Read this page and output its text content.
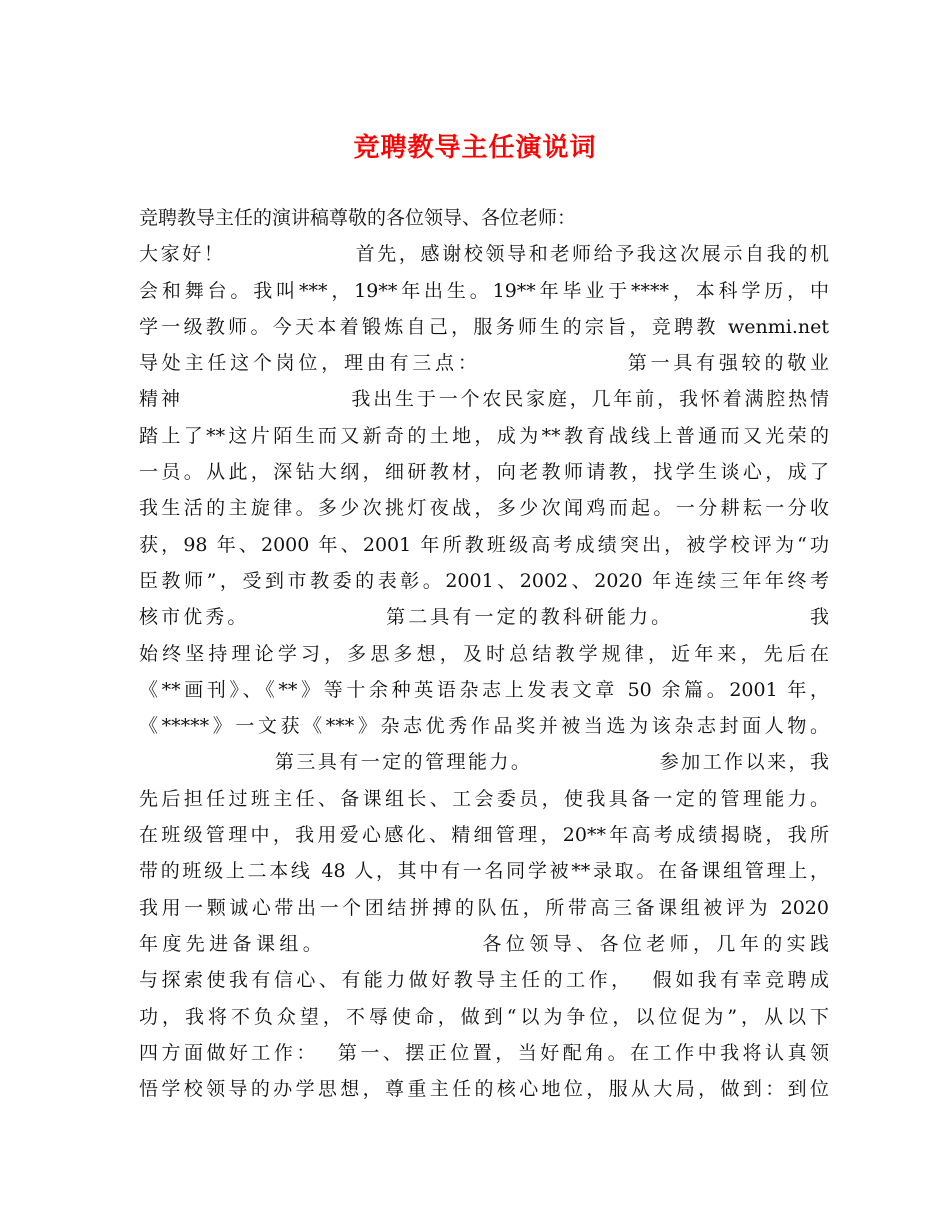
竞聘教导主任演说词
竞聘教导主任的演讲稿尊敬的各位领导、各位老师：
大家好！               首先，感谢校领导和老师给予我这次展示自我的机
会和舞台。我叫***，19**年出生。19**年毕业于****，本科学历，中
学一级教师。今天本着锻炼自己，服务师生的宗旨，竞聘教 wenmi.net
导处主任这个岗位，理由有三点：               第一具有强较的敬业
精神                   我出生于一个农民家庭，几年前，我怀着满腔热情
踏上了**这片陌生而又新奇的土地，成为**教育战线上普通而又光荣的
一员。从此，深钻大纲，细研教材，向老教师请教，找学生谈心，成了
我生活的主旋律。多少次挑灯夜战，多少次闻鸡而起。一分耕耘一分收
获，98 年、2000 年、2001 年所教班级高考成绩突出，被学校评为“功
臣教师”，受到市教委的表彰。2001、2002、2020 年连续三年年终考
核市优秀。               第二具有一定的教科研能力。               我
始终坚持理论学习，多思多想，及时总结教学规律，近年来，先后在
《**画刊》、《**》等十余种英语杂志上发表文章 50 余篇。2001 年，
《*****》一文获《***》杂志优秀作品奖并被当选为该杂志封面人物。
第三具有一定的管理能力。               参加工作以来，我
先后担任过班主任、备课组长、工会委员，使我具备一定的管理能力。
在班级管理中，我用爱心感化、精细管理，20**年高考成绩揭晓，我所
带的班级上二本线 48 人，其中有一名同学被**录取。在备课组管理上，
我用一颗诚心带出一个团结拼搏的队伍，所带高三备课组被评为 2020
年度先进备课组。               各位领导、各位老师，几年的实践
与探索使我有信心、有能力做好教导主任的工作，  假如我有幸竞聘成
功，我将不负众望，不辱使命，做到“以为争位，以位促为”，从以下
四方面做好工作：  第一、摆正位置，当好配角。在工作中我将认真领
悟学校领导的办学思想，尊重主任的核心地位，服从大局，做到：到位
